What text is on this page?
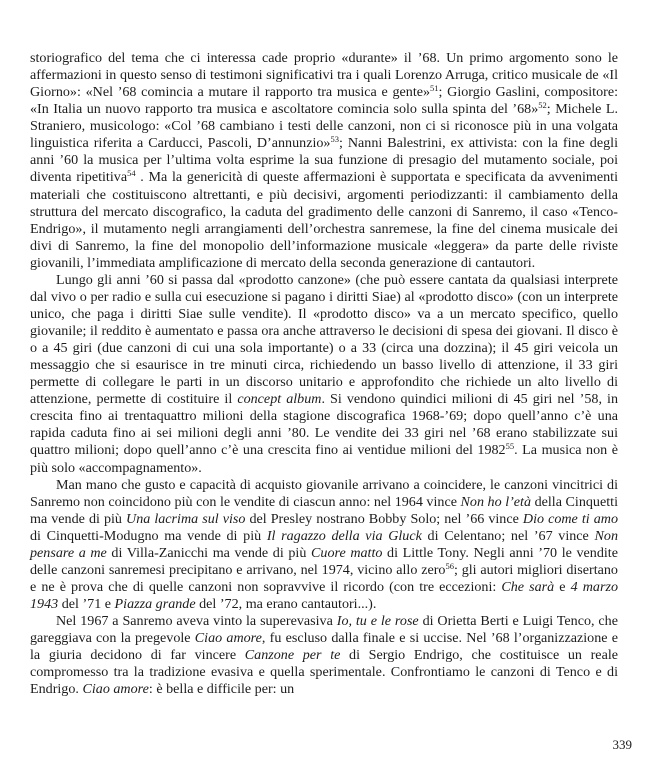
storiografico del tema che ci interessa cade proprio «durante» il ’68. Un primo argomento sono le affermazioni in questo senso di testimoni significativi tra i quali Lorenzo Arruga, critico musicale de «Il Giorno»: «Nel ’68 comincia a mutare il rapporto tra musica e gente»$^{51}$; Giorgio Gaslini, compositore: «In Italia un nuovo rapporto tra musica e ascoltatore comincia solo sulla spinta del ’68»$^{52}$; Michele L. Straniero, musicologo: «Col ’68 cambiano i testi delle canzoni, non ci si riconosce più in una volgata linguistica riferita a Carducci, Pascoli, D’annunzio»$^{53}$; Nanni Balestrini, ex attivista: con la fine degli anni ’60 la musica per l’ultima volta esprime la sua funzione di presagio del mutamento sociale, poi diventa ripetitiva$^{54}$ . Ma la genericità di queste affermazioni è supportata e specificata da avvenimenti materiali che costituiscono altrettanti, e più decisivi, argomenti periodizzanti: il cambiamento della struttura del mercato discografico, la caduta del gradimento delle canzoni di Sanremo, il caso «Tenco-Endrigo», il mutamento negli arrangiamenti dell’orchestra sanremese, la fine del cinema musicale dei divi di Sanremo, la fine del monopolio dell’informazione musicale «leggera» da parte delle riviste giovanili, l’immediata amplificazione di mercato della seconda generazione di cantautori.

Lungo gli anni ’60 si passa dal «prodotto canzone» (che può essere cantata da qualsiasi interprete dal vivo o per radio e sulla cui esecuzione si pagano i diritti Siae) al «prodotto disco» (con un interprete unico, che paga i diritti Siae sulle vendite). Il «prodotto disco» va a un mercato specifico, quello giovanile; il reddito è aumentato e passa ora anche attraverso le decisioni di spesa dei giovani. Il disco è o a 45 giri (due canzoni di cui una sola importante) o a 33 (circa una dozzina); il 45 giri veicola un messaggio che si esaurisce in tre minuti circa, richiedendo un basso livello di attenzione, il 33 giri permette di collegare le parti in un discorso unitario e approfondito che richiede un alto livello di attenzione, permette di costituire il concept album. Si vendono quindici milioni di 45 giri nel ’58, in crescita fino ai trentaquattro milioni della stagione discografica 1968-’69; dopo quell’anno c’è una rapida caduta fino ai sei milioni degli anni ’80. Le vendite dei 33 giri nel ’68 erano stabilizzate sui quattro milioni; dopo quell’anno c’è una crescita fino ai ventidue milioni del 1982$^{55}$. La musica non è più solo «accompagnamento».

Man mano che gusto e capacità di acquisto giovanile arrivano a coincidere, le canzoni vincitrici di Sanremo non coincidono più con le vendite di ciascun anno: nel 1964 vince Non ho l’età della Cinquetti ma vende di più Una lacrima sul viso del Presley nostrano Bobby Solo; nel ’66 vince Dio come ti amo di Cinquetti-Modugno ma vende di più Il ragazzo della via Gluck di Celentano; nel ’67 vince Non pensare a me di Villa-Zanicchi ma vende di più Cuore matto di Little Tony. Negli anni ’70 le vendite delle canzoni sanremesi precipitano e arrivano, nel 1974, vicino allo zero$^{56}$; gli autori migliori disertano e ne è prova che di quelle canzoni non sopravvive il ricordo (con tre eccezioni: Che sarà e 4 marzo 1943 del ’71 e Piazza grande del ’72, ma erano cantautori...).

Nel 1967 a Sanremo aveva vinto la superevasiva Io, tu e le rose di Orietta Berti e Luigi Tenco, che gareggiava con la pregevole Ciao amore, fu escluso dalla finale e si uccise. Nel ’68 l’organizzazione e la giuria decidono di far vincere Canzone per te di Sergio Endrigo, che costituisce un reale compromesso tra la tradizione evasiva e quella sperimentale. Confrontiamo le canzoni di Tenco e di Endrigo. Ciao amore: è bella e difficile per: un

339
